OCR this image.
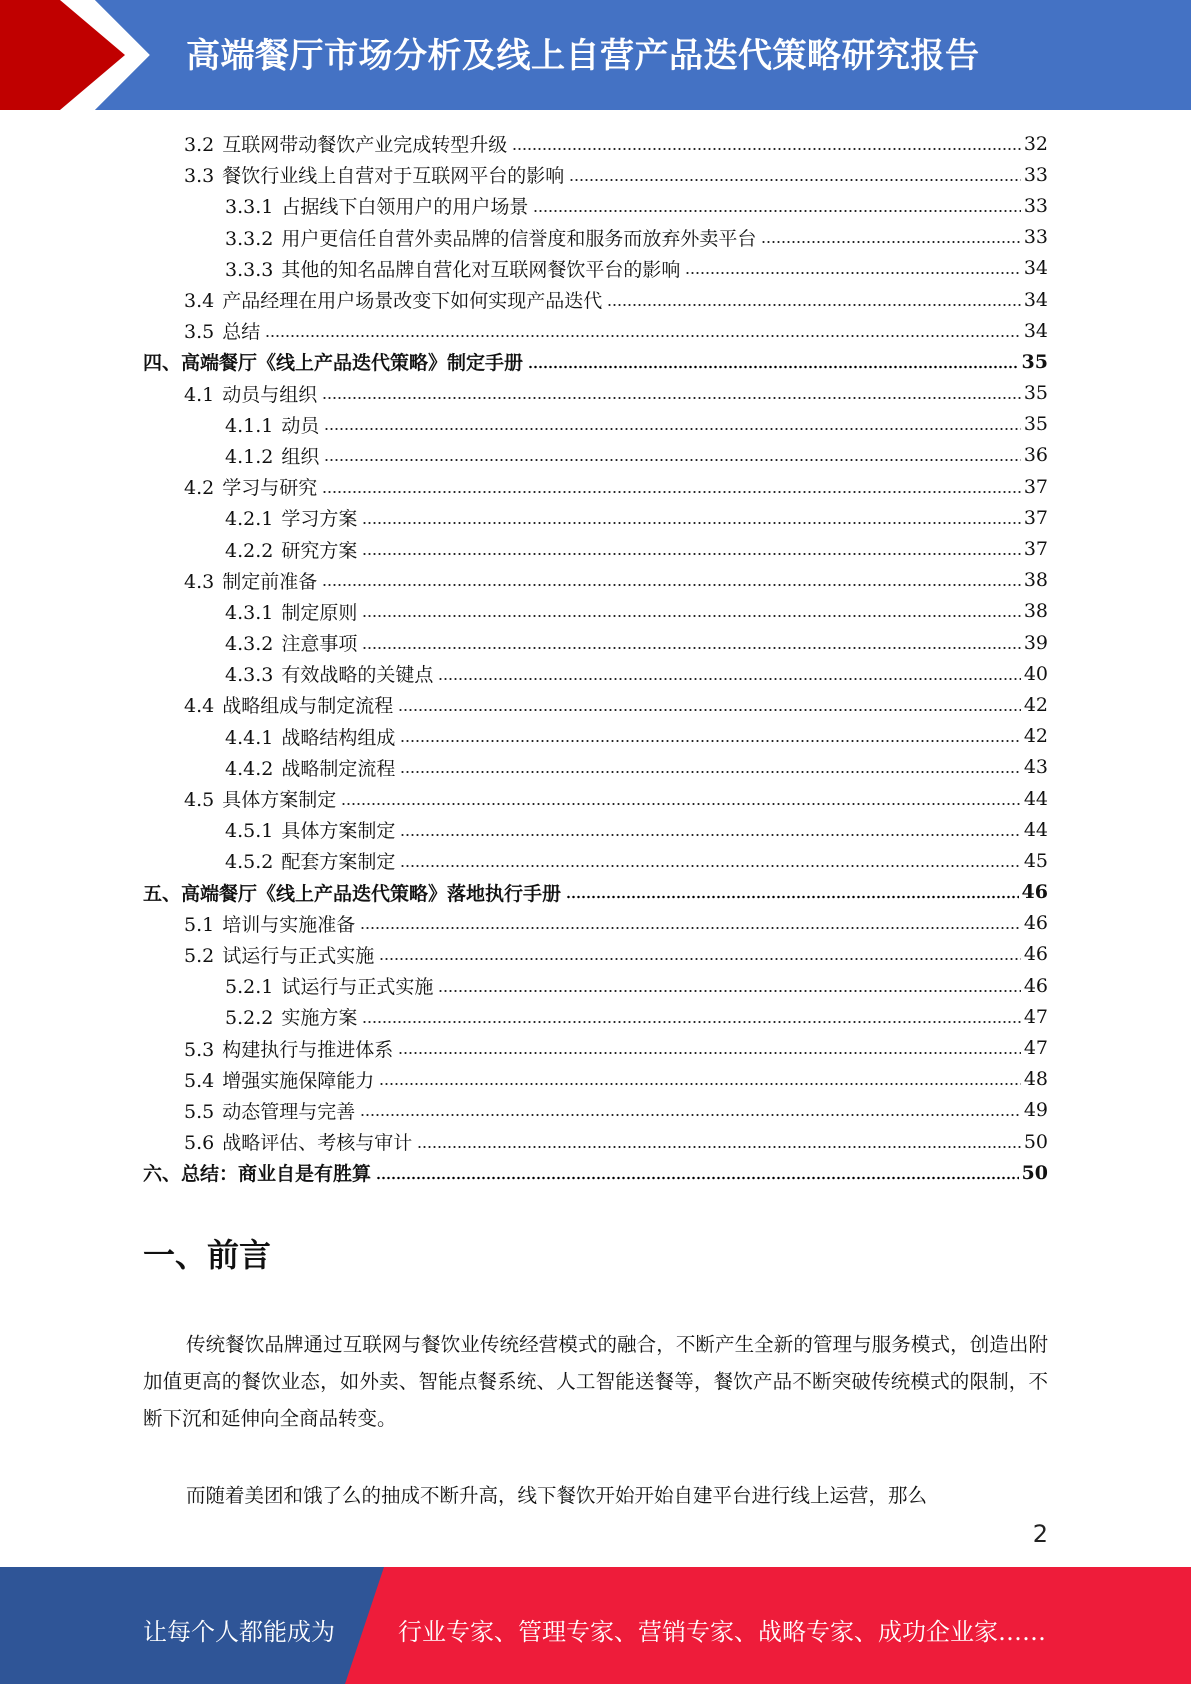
高端餐厅市场分析及线上自营产品迭代策略研究报告
3.2 互联网带动餐饮产业完成转型升级	32
3.3 餐饮行业线上自营对于互联网平台的影响	33
3.3.1 占据线下白领用户的用户场景	33
3.3.2 用户更信任自营外卖品牌的信誉度和服务而放弃外卖平台	33
3.3.3 其他的知名品牌自营化对互联网餐饮平台的影响	34
3.4 产品经理在用户场景改变下如何实现产品迭代	34
3.5 总结	34
四、高端餐厅《线上产品迭代策略》制定手册	35
4.1 动员与组织	35
4.1.1 动员	35
4.1.2 组织	36
4.2 学习与研究	37
4.2.1 学习方案	37
4.2.2 研究方案	37
4.3 制定前准备	38
4.3.1 制定原则	38
4.3.2 注意事项	39
4.3.3 有效战略的关键点	40
4.4 战略组成与制定流程	42
4.4.1 战略结构组成	42
4.4.2 战略制定流程	43
4.5 具体方案制定	44
4.5.1 具体方案制定	44
4.5.2 配套方案制定	45
五、高端餐厅《线上产品迭代策略》落地执行手册	46
5.1 培训与实施准备	46
5.2 试运行与正式实施	46
5.2.1 试运行与正式实施	46
5.2.2 实施方案	47
5.3 构建执行与推进体系	47
5.4 增强实施保障能力	48
5.5 动态管理与完善	49
5.6 战略评估、考核与审计	50
六、总结：商业自是有胜算	50
一、前言
传统餐饮品牌通过互联网与餐饮业传统经营模式的融合，不断产生全新的管理与服务模式，创造出附加值更高的餐饮业态，如外卖、智能点餐系统、人工智能送餐等，餐饮产品不断突破传统模式的限制，不断下沉和延伸向全商品转变。
而随着美团和饿了么的抽成不断升高，线下餐饮开始开始自建平台进行线上运营，那么
2
让每个人都能成为	行业专家、管理专家、营销专家、战略专家、成功企业家……
